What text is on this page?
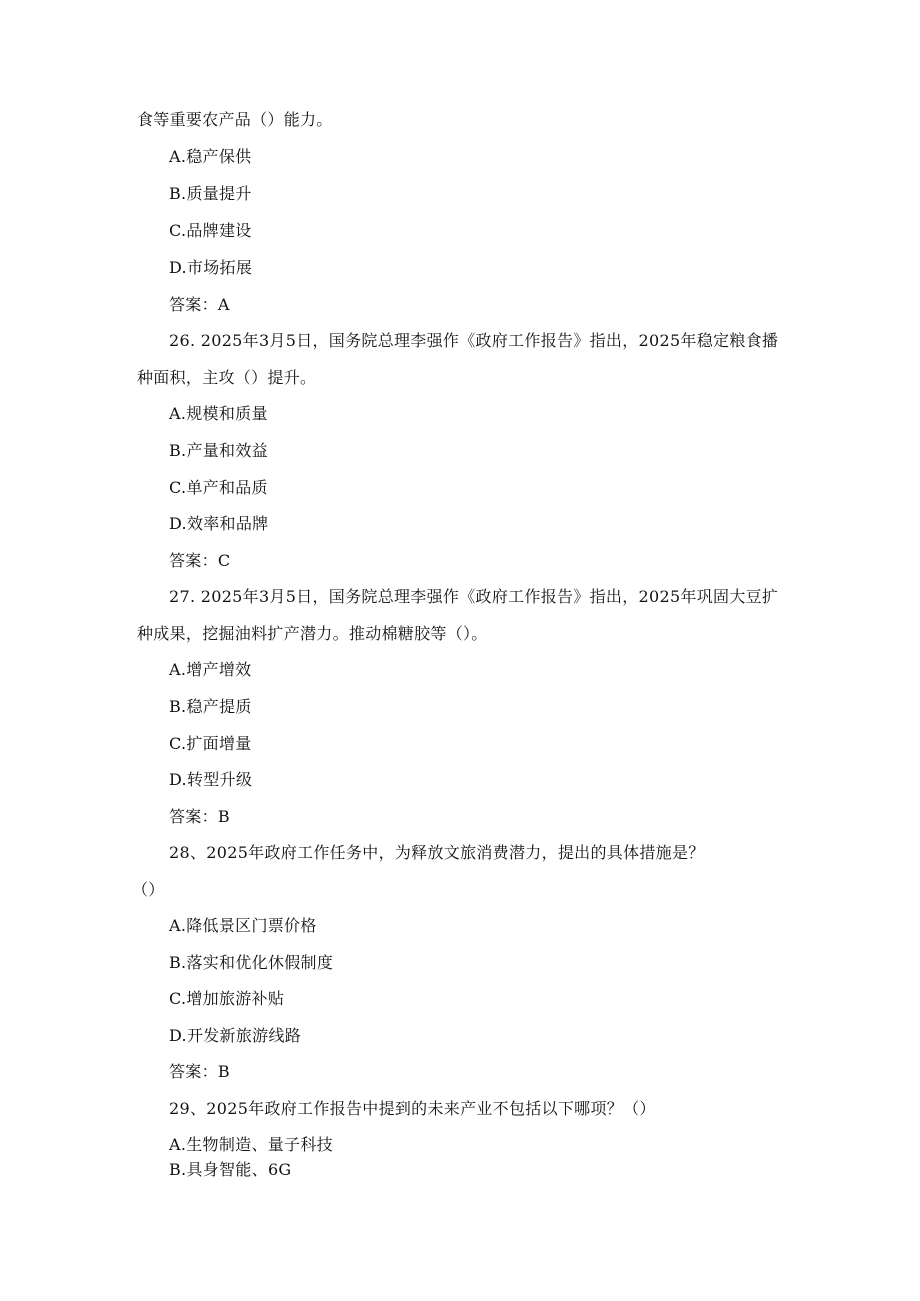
食等重要农产品（）能力。
A.稳产保供
B.质量提升
C.品牌建设
D.市场拓展
答案：A
26. 2025年3月5日，国务院总理李强作《政府工作报告》指出，2025年稳定粮食播
种面积，主攻（）提升。
A.规模和质量
B.产量和效益
C.单产和品质
D.效率和品牌
答案：C
27. 2025年3月5日，国务院总理李强作《政府工作报告》指出，2025年巩固大豆扩
种成果，挖掘油料扩产潜力。推动棉糖胶等（）。
A.增产增效
B.稳产提质
C.扩面增量
D.转型升级
答案：B
28、2025年政府工作任务中，为释放文旅消费潜力，提出的具体措施是？
（）
A.降低景区门票价格
B.落实和优化休假制度
C.增加旅游补贴
D.开发新旅游线路
答案：B
29、2025年政府工作报告中提到的未来产业不包括以下哪项？（）
A.生物制造、量子科技
B.具身智能、6G
